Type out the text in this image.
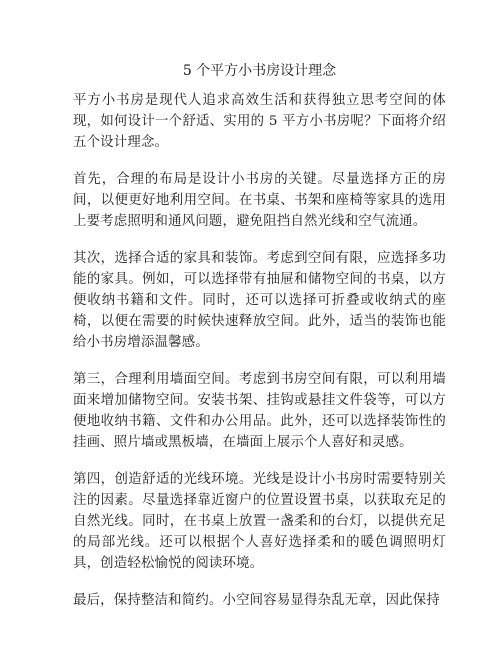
5 个平方小书房设计理念

平方小书房是现代人追求高效生活和获得独立思考空间的体现，如何设计一个舒适、实用的 5 平方小书房呢？下面将介绍五个设计理念。

首先，合理的布局是设计小书房的关键。尽量选择方正的房间，以便更好地利用空间。在书桌、书架和座椅等家具的选用上要考虑照明和通风问题，避免阻挡自然光线和空气流通。

其次，选择合适的家具和装饰。考虑到空间有限，应选择多功能的家具。例如，可以选择带有抽屉和储物空间的书桌，以方便收纳书籍和文件。同时，还可以选择可折叠或收纳式的座椅，以便在需要的时候快速释放空间。此外，适当的装饰也能给小书房增添温馨感。

第三，合理利用墙面空间。考虑到书房空间有限，可以利用墙面来增加储物空间。安装书架、挂钩或悬挂文件袋等，可以方便地收纳书籍、文件和办公用品。此外，还可以选择装饰性的挂画、照片墙或黑板墙，在墙面上展示个人喜好和灵感。

第四，创造舒适的光线环境。光线是设计小书房时需要特别关注的因素。尽量选择靠近窗户的位置设置书桌，以获取充足的自然光线。同时，在书桌上放置一盏柔和的台灯，以提供充足的局部光线。还可以根据个人喜好选择柔和的暖色调照明灯具，创造轻松愉悦的阅读环境。

最后，保持整洁和简约。小空间容易显得杂乱无章，因此保持
